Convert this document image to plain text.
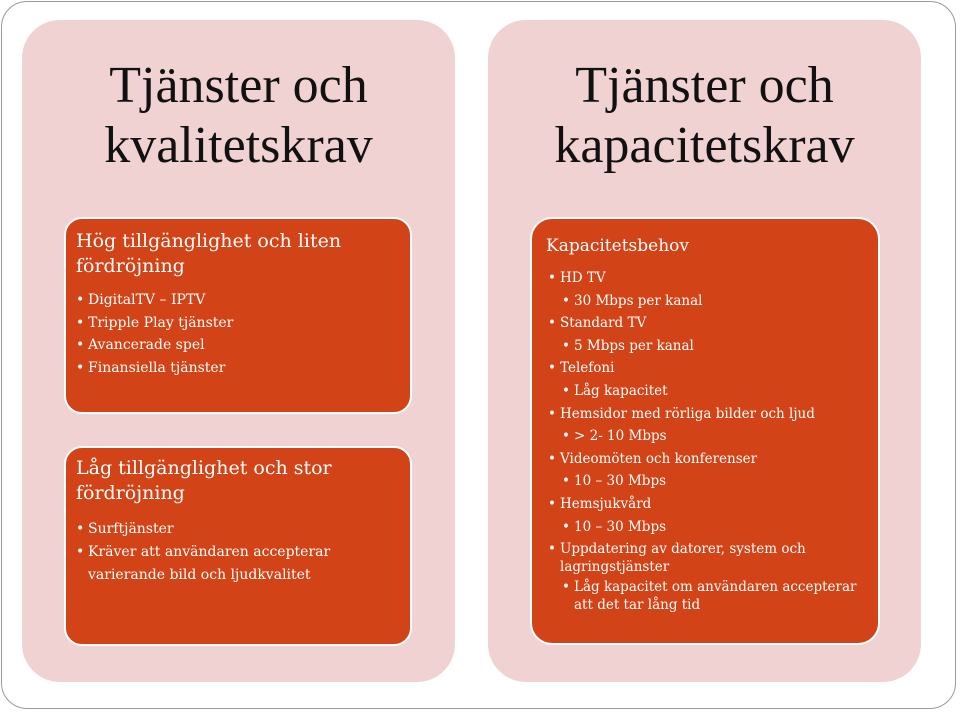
Tjänster och
kvalitetskrav
Hög tillgänglighet och liten fördröjning
• DigitalTV – IPTV
• Tripple Play tjänster
• Avancerade spel
• Finansiella tjänster
Låg tillgänglighet och stor fördröjning
• Surftjänster
• Kräver att användaren accepterar
varierande bild och ljudkvalitet
Tjänster och
kapacitetskrav
Kapacitetsbehov
• HD TV
• 30 Mbps per kanal
• Standard TV
• 5 Mbps per kanal
• Telefoni
• Låg kapacitet
• Hemsidor med rörliga bilder och ljud
• > 2- 10 Mbps
• Videomöten och konferenser
• 10 – 30 Mbps
• Hemsjukvård
• 10 – 30 Mbps
• Uppdatering av datorer, system och lagringstjänster
• Låg kapacitet om användaren accepterar att det tar lång tid
